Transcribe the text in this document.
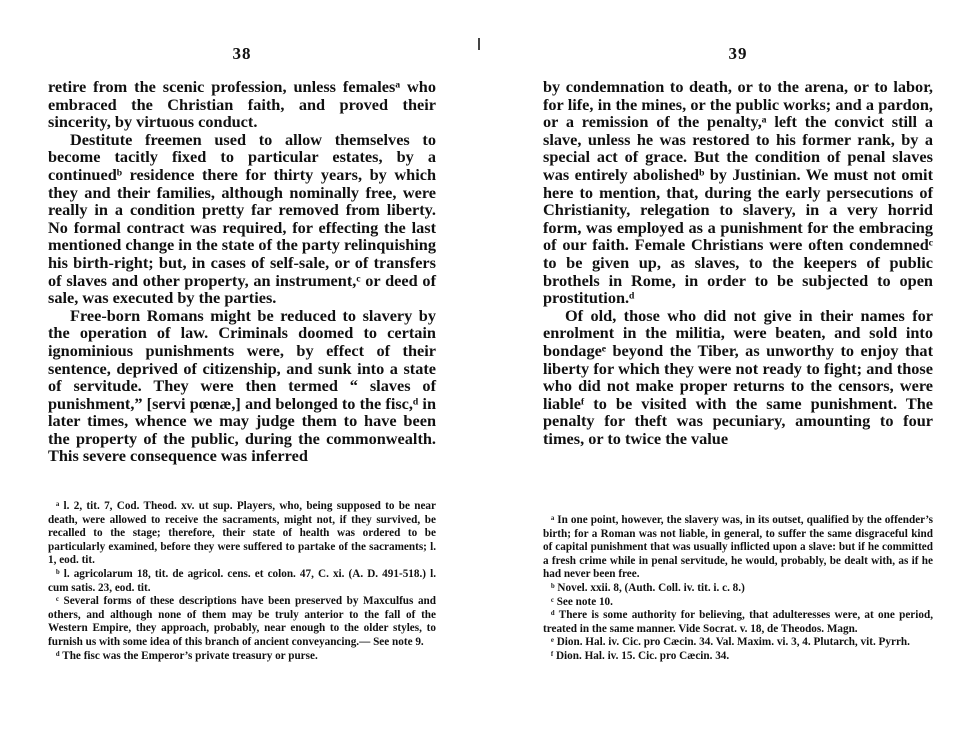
38

retire from the scenic profession, unless femalesᵃ who embraced the Christian faith, and proved their sincerity, by virtuous conduct.

Destitute freemen used to allow themselves to become tacitly fixed to particular estates, by a continuedᵇ residence there for thirty years, by which they and their families, although nominally free, were really in a condition pretty far removed from liberty. No formal contract was required, for effecting the last mentioned change in the state of the party relinquishing his birth-right; but, in cases of self-sale, or of transfers of slaves and other property, an instrument,ᶜ or deed of sale, was executed by the parties.

Free-born Romans might be reduced to slavery by the operation of law. Criminals doomed to certain ignominious punishments were, by effect of their sentence, deprived of citizenship, and sunk into a state of servitude. They were then termed “ slaves of punishment,” [servi pœnæ,] and belonged to the fisc,ᵈ in later times, whence we may judge them to have been the property of the public, during the commonwealth. This severe consequence was inferred

ᵃ l. 2, tit. 7, Cod. Theod. xv. ut sup. Players, who, being supposed to be near death, were allowed to receive the sacraments, might not, if they survived, be recalled to the stage; therefore, their state of health was ordered to be particularly examined, before they were suffered to partake of the sacraments; l. 1, eod. tit.

ᵇ l. agricolarum 18, tit. de agricol. cens. et colon. 47, C. xi. (A. D. 491-518.) l. cum satis. 23, eod. tit.

ᶜ Several forms of these descriptions have been preserved by Maxculfus and others, and although none of them may be truly anterior to the fall of the Western Empire, they approach, probably, near enough to the older styles, to furnish us with some idea of this branch of ancient conveyancing.— See note 9.

ᵈ The fisc was the Emperor’s private treasury or purse.

39

by condemnation to death, or to the arena, or to labor, for life, in the mines, or the public works; and a pardon, or a remission of the penalty,ᵃ left the convict still a slave, unless he was restored to his former rank, by a special act of grace. But the condition of penal slaves was entirely abolishedᵇ by Justinian. We must not omit here to mention, that, during the early persecutions of Christianity, relegation to slavery, in a very horrid form, was employed as a punishment for the embracing of our faith. Female Christians were often condemnedᶜ to be given up, as slaves, to the keepers of public brothels in Rome, in order to be subjected to open prostitution.ᵈ

Of old, those who did not give in their names for enrolment in the militia, were beaten, and sold into bondageᵉ beyond the Tiber, as unworthy to enjoy that liberty for which they were not ready to fight; and those who did not make proper returns to the censors, were liableᶠ to be visited with the same punishment. The penalty for theft was pecuniary, amounting to four times, or to twice the value

ᵃ In one point, however, the slavery was, in its outset, qualified by the offender’s birth; for a Roman was not liable, in general, to suffer the same disgraceful kind of capital punishment that was usually inflicted upon a slave: but if he committed a fresh crime while in penal servitude, he would, probably, be dealt with, as if he had never been free.

ᵇ Novel. xxii. 8, (Auth. Coll. iv. tit. i. c. 8.)

ᶜ See note 10.

ᵈ There is some authority for believing, that adulteresses were, at one period, treated in the same manner. Vide Socrat. v. 18, de Theodos. Magn.

ᵉ Dion. Hal. iv. Cic. pro Cæcin. 34. Val. Maxim. vi. 3, 4. Plutarch, vit. Pyrrh.

ᶠ Dion. Hal. iv. 15. Cic. pro Cæcin. 34.
